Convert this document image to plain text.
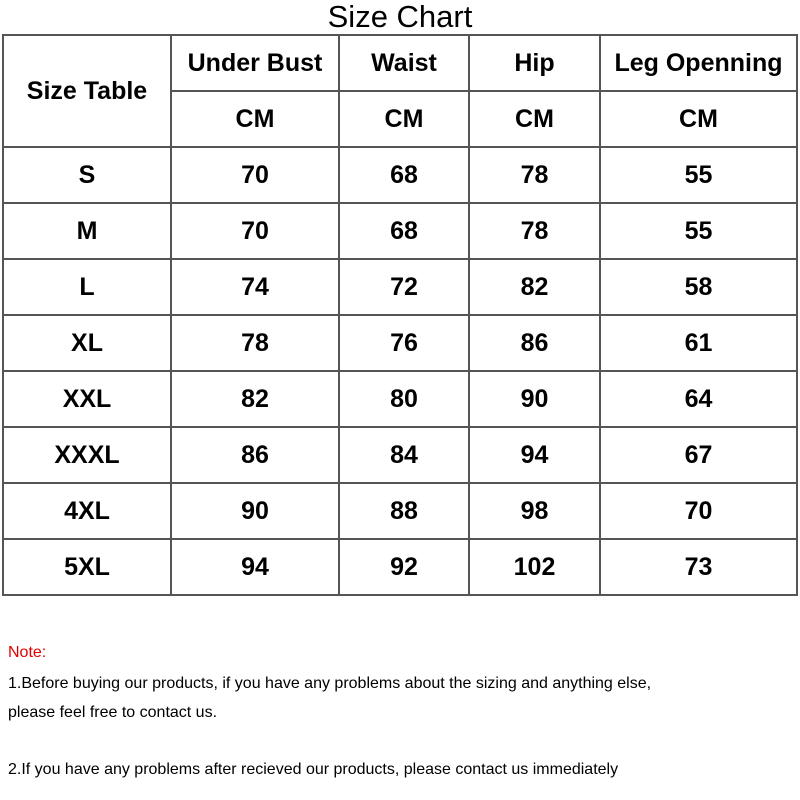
Size Chart
Size Table	Under Bust	Waist	Hip	Leg Openning
	CM	CM	CM	CM
S	70	68	78	55
M	70	68	78	55
L	74	72	82	58
XL	78	76	86	61
XXL	82	80	90	64
XXXL	86	84	94	67
4XL	90	88	98	70
5XL	94	92	102	73
Note:
1.Before buying our products, if you have any problems about the sizing and anything else,
please feel free to contact us.
2.If you have any problems after recieved our products, please contact us immediately
